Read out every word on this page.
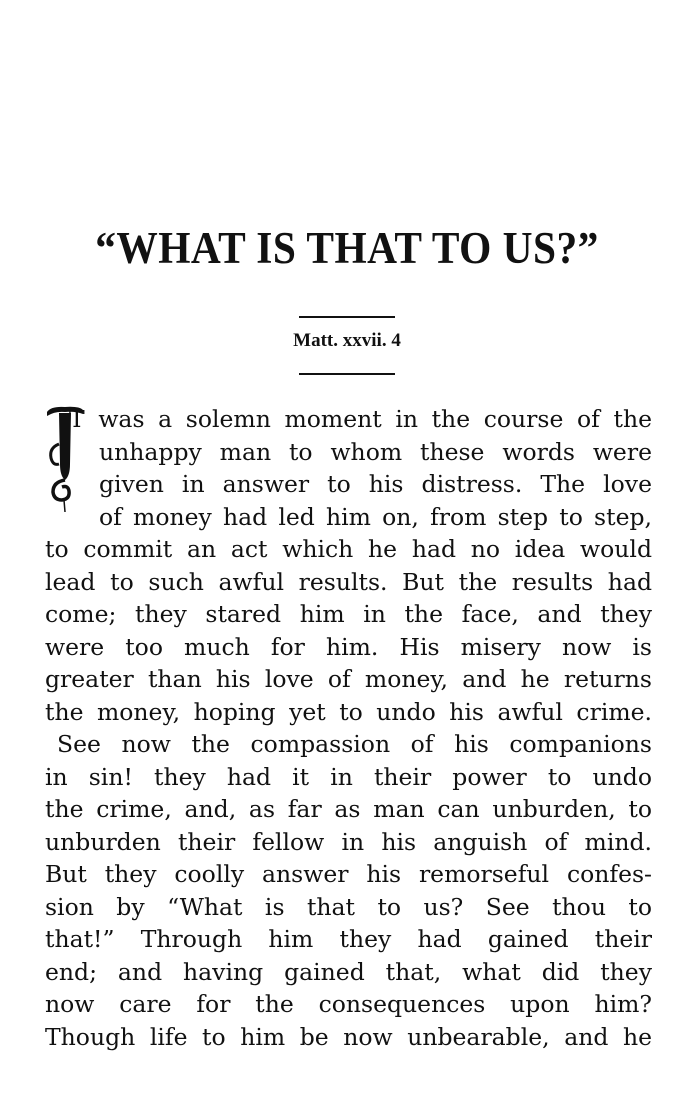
“WHAT IS THAT TO US?”
Matt. xxvii. 4
T was a solemn moment in the course of the
unhappy man to whom these words were
given in answer to his distress. The love
of money had led him on, from step to step,
to commit an act which he had no idea would
lead to such awful results. But the results had
come; they stared him in the face, and they
were too much for him. His misery now is
greater than his love of money, and he returns
the money, hoping yet to undo his awful crime.
See now the compassion of his companions
in sin! they had it in their power to undo
the crime, and, as far as man can unburden, to
unburden their fellow in his anguish of mind.
But they coolly answer his remorseful confes-
sion by “What is that to us? See thou to
that!” Through him they had gained their
end; and having gained that, what did they
now care for the consequences upon him?
Though life to him be now unbearable, and he
